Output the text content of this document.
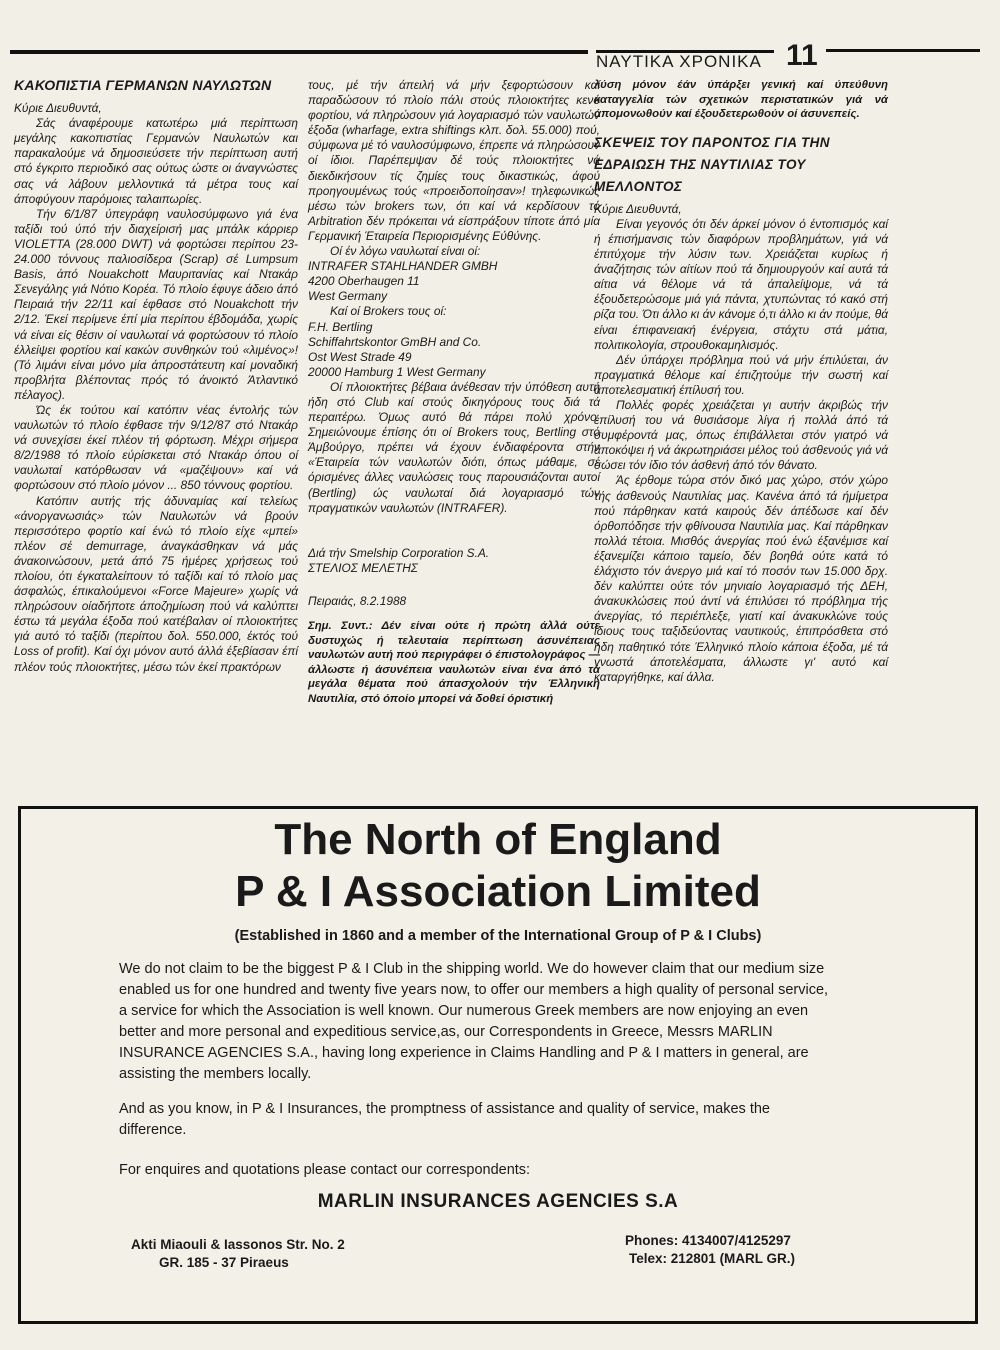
ΝΑΥΤΙΚΑ ΧΡΟΝΙΚΑ 11
ΚΑΚΟΠΙΣΤΙΑ ΓΕΡΜΑΝΩΝ ΝΑΥΛΩΤΩΝ

Κύριε Διευθυντά,

Σάς άναφέρουμε κατωτέρω μιά περίπτωση μεγάλης κακοπιστίας Γερμανών Ναυλωτών και παρακαλούμε νά δημοσιεύσετε τήν περίπτωση αυτή στό έγκριτο περιοδικό σας ούτως ώστε οι άναγνώστες σας νά λάβουν μελλοντικά τά μέτρα τους καί άποφύγουν παρόμοιες ταλαιπωρίες.

Τήν 6/1/87 ύπεγράφη ναυλοσύμφωνο γιά ένα ταξίδι τού ύπό τήν διαχείρισή μας μπάλκ κάρριερ VIOLETTA (28.000 DWT) νά φορτώσει περίπου 23-24.000 τόννους παλιοσίδερα (Scrap) σέ Lumpsum Basis, άπό Nouakchott Μαυριτανίας καί Ντακάρ Σενεγάλης γιά Νότιο Κορέα. Τό πλοίο έφυγε άδειο άπό Πειραιά τήν 22/11 καί έφθασε στό Nouakchott τήν 2/12. Έκεί περίμενε έπί μία περίπου έβδομάδα, χωρίς νά είναι είς θέσιν οί ναυλωταί νά φορτώσουν τό πλοίο έλλείψει φορτίου καί κακών συνθηκών τού «λιμένος»! (Τό λιμάνι είναι μόνο μία άπροστάτευτη καί μοναδική προβλήτα βλέποντας πρός τό άνοικτό Άτλαντικό πέλαγος).

Ώς έκ τούτου καί κατόπιν νέας έντολής τών ναυλωτών τό πλοίο έφθασε τήν 9/12/87 στό Ντακάρ νά συνεχίσει έκεί πλέον τή φόρτωση. Μέχρι σήμερα 8/2/1988 τό πλοίο εύρίσκεται στό Ντακάρ όπου οί ναυλωταί κατόρθωσαν νά «μαζέψουν» καί νά φορτώσουν στό πλοίο μόνον ... 850 τόννους φορτίου.

Κατόπιν αυτής τής άδυναμίας καί τελείως «άνοργανωσιάς» τών Ναυλωτών νά βρούν περισσότερο φορτίο καί ένώ τό πλοίο είχε «μπεί» πλέον σέ demurrage, άναγκάσθηκαν νά μάς άνακοινώσουν, μετά άπό 75 ήμέρες χρήσεως τού πλοίου, ότι έγκαταλείπουν τό ταξίδι καί τό πλοίο μας άσφαλώς, έπικαλούμενοι «Force Majeure» χωρίς νά πληρώσουν οίαδήποτε άποζημίωση πού νά καλύπτει έστω τά μεγάλα έξοδα πού κατέβαλαν οί πλοιοκτήτες γιά αυτό τό ταξίδι (περίπου δολ. 550.000, έκτός τού Loss of profit). Καί όχι μόνον αυτό άλλά έξεβίασαν έπί πλέον τούς πλοιοκτήτες, μέσω τών έκεί πρακτόρων

τους, μέ τήν άπειλή νά μήν ξεφορτώσουν καί παραδώσουν τό πλοίο πάλι στούς πλοιοκτήτες κενό φορτίου, νά πληρώσουν γιά λογαριασμό τών ναυλωτών έξοδα (wharfage, extra shiftings κλπ. δολ. 55.000) πού, σύμφωνα μέ τό ναυλοσύμφωνο, έπρεπε νά πληρώσουν οί ίδιοι. Παρέπεμψαν δέ τούς πλοιοκτήτες νά διεκδικήσουν τίς ζημίες τους δικαστικώς, άφού προηγουμένως τούς «προειδοποίησαν»! τηλεφωνικώς μέσω τών brokers των, ότι καί νά κερδίσουν τό Arbitration δέν πρόκειται νά είσπράξουν τίποτε άπό μία Γερμανική Έταιρεία Περιορισμένης Εύθύνης.

Οί έν λόγω ναυλωταί είναι οί:

INTRAFER STAHLHANDER GMBH

4200 Oberhaugen 11

West Germany

Καί οί Brokers τους οί:

F.H. Bertling

Schiffahrtskontor GmBH and Co.

Ost West Strade 49

20000 Hamburg 1 West Germany

Οί πλοιοκτήτες βέβαια άνέθεσαν τήν ύπόθεση αυτή ήδη στό Club καί στούς δικηγόρους τους διά τά περαιτέρω. Όμως αυτό θά πάρει πολύ χρόνο. Σημειώνουμε έπίσης ότι οί Brokers τους, Bertling στό Άμβούργο, πρέπει νά έχουν ένδιαφέροντα στήν «Έταιρεία τών ναυλωτών διότι, όπως μάθαμε, σέ όρισμένες άλλες ναυλώσεις τους παρουσιάζονται αυτοί (Bertling) ώς ναυλωταί διά λογαριασμό τών πραγματικών ναυλωτών (INTRAFER).

Διά τήν Smelship Corporation S.A.

ΣΤΕΛΙΟΣ ΜΕΛΕΤΗΣ

Πειραιάς, 8.2.1988

Σημ. Συντ.: Δέν είναι ούτε ή πρώτη άλλά ούτε δυστυχώς ή τελευταία περίπτωση άσυνέπειας ναυλωτών αυτή πού περιγράφει ό έπιστολογράφος — άλλωστε ή άσυνέπεια ναυλωτών είναι ένα άπό τά μεγάλα θέματα πού άπασχολούν τήν Έλληνική Ναυτιλία, στό όποίο μπορεί νά δοθεί όριστική

λύση μόνον έάν ύπάρξει γενική καί ύπεύθυνη καταγγελία τών σχετικών περιστατικών γιά νά άπομονωθούν καί έξουδετερωθούν οί άσυνεπείς.

ΣΚΕΨΕΙΣ ΤΟΥ ΠΑΡΟΝΤΟΣ ΓΙΑ ΤΗΝ ΕΔΡΑΙΩΣΗ ΤΗΣ ΝΑΥΤΙΛΙΑΣ ΤΟΥ ΜΕΛΛΟΝΤΟΣ

Κύριε Διευθυντά,

Είναι γεγονός ότι δέν άρκεί μόνον ό έντοπισμός καί ή έπισήμανσις τών διαφόρων προβλημάτων, γιά νά έπιτύχομε τήν λύσιν των. Χρειάζεται κυρίως ή άναζήτησις τών αίτίων πού τά δημιουργούν καί αυτά τά αίτια νά θέλομε νά τά άπαλείψομε, νά τά έξουδετερώσομε μιά γιά πάντα, χτυπώντας τό κακό στή ρίζα του. Ότι άλλο κι άν κάνομε ό,τι άλλο κι άν πούμε, θά είναι έπιφανειακή ένέργεια, στάχτυ στά μάτια, πολιτικολογία, στρουθοκαμηλισμός.

Δέν ύπάρχει πρόβλημα πού νά μήν έπιλύεται, άν πραγματικά θέλομε καί έπιζητούμε τήν σωστή καί άποτελεσματική έπίλυσή του.

Πολλές φορές χρειάζεται γι αυτήν άκριβώς τήν έπίλυσή του νά θυσιάσομε λίγα ή πολλά άπό τά συμφέροντά μας, όπως έπιβάλλεται στόν γιατρό νά άποκόψει ή νά άκρωτηριάσει μέλος τού άσθενούς γιά νά σώσει τόν ίδιο τόν άσθενή άπό τόν θάνατο.

Άς έρθομε τώρα στόν δικό μας χώρο, στόν χώρο τής άσθενούς Ναυτιλίας μας. Κανένα άπό τά ήμίμετρα πού πάρθηκαν κατά καιρούς δέν άπέδωσε καί δέν όρθοπόδησε τήν φθίνουσα Ναυτιλία μας. Καί πάρθηκαν πολλά τέτοια. Μισθός άνεργίας πού ένώ έξανέμισε καί έξανεμίζει κάποιο ταμείο, δέν βοηθά ούτε κατά τό έλάχιστο τόν άνεργο μιά καί τό ποσόν των 15.000 δρχ. δέν καλύπτει ούτε τόν μηνιαίο λογαριασμό τής ΔΕΗ, άνακυκλώσεις πού άντί νά έπιλύσει τό πρόβλημα τής άνεργίας, τό περιέπλεξε, γιατί καί άνακυκλώνε τούς ίδιους τους ταξιδεύοντας ναυτικούς, έπιπρόσθετα στό ήδη παθητικό τότε Έλληνικό πλοίο κάποια έξοδα, μέ τά γνωστά άποτελέσματα, άλλωστε γι' αυτό καί καταργήθηκε, καί άλλα.

The North of England
P & I Association Limited
(Established in 1860 and a member of the International Group of P & I Clubs)
We do not claim to be the biggest P & I Club in the shipping world. We do however claim that our medium size enabled us for one hundred and twenty five years now, to offer our members a high quality of personal service, a service for which the Association is well known. Our numerous Greek members are now enjoying an even better and more personal and expeditious service,as, our Correspondents in Greece, Messrs MARLIN INSURANCE AGENCIES S.A., having long experience in Claims Handling and P & I matters in general, are assisting the members locally.
And as you know, in P & I Insurances, the promptness of assistance and quality of service, makes the difference.
For enquires and quotations please contact our correspondents:
MARLIN INSURANCES AGENCIES S.A
Akti Miaouli & Iassonos Str. No. 2
GR. 185 - 37 Piraeus
Phones: 4134007/4125297
Telex: 212801 (MARL GR.)
